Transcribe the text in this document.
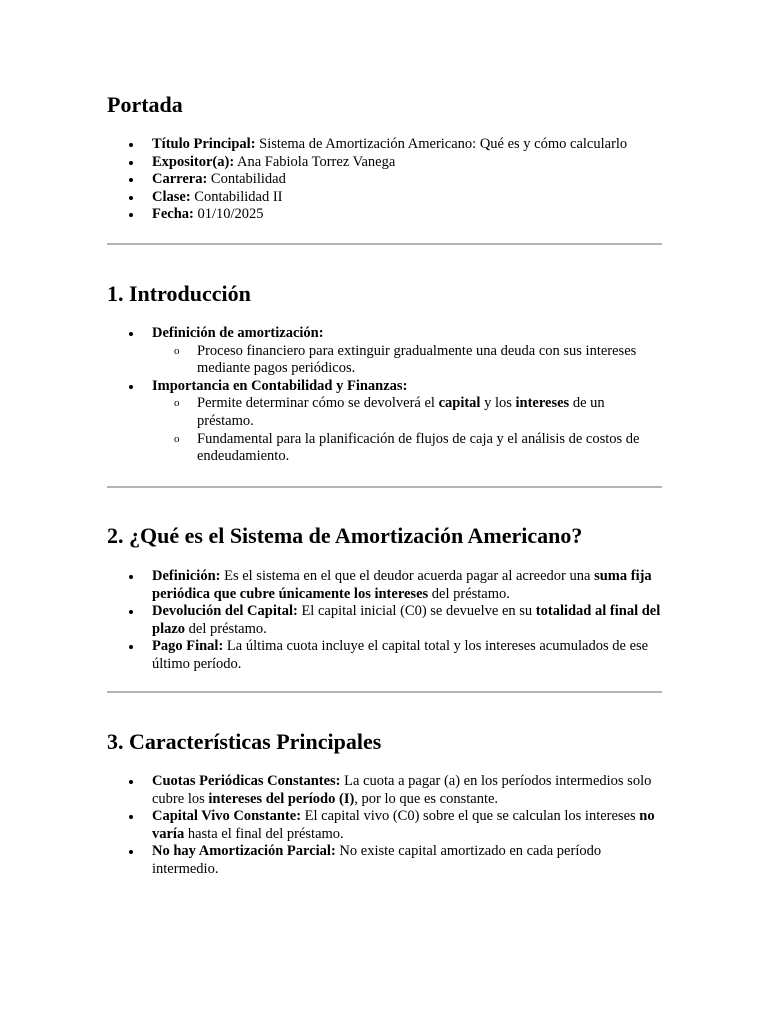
Portada
Título Principal: Sistema de Amortización Americano: Qué es y cómo calcularlo
Expositor(a): Ana Fabiola Torrez Vanega
Carrera: Contabilidad
Clase: Contabilidad II
Fecha: 01/10/2025
1. Introducción
Definición de amortización:
o Proceso financiero para extinguir gradualmente una deuda con sus intereses mediante pagos periódicos.
Importancia en Contabilidad y Finanzas:
o Permite determinar cómo se devolverá el capital y los intereses de un préstamo.
o Fundamental para la planificación de flujos de caja y el análisis de costos de endeudamiento.
2. ¿Qué es el Sistema de Amortización Americano?
Definición: Es el sistema en el que el deudor acuerda pagar al acreedor una suma fija periódica que cubre únicamente los intereses del préstamo.
Devolución del Capital: El capital inicial (C0) se devuelve en su totalidad al final del plazo del préstamo.
Pago Final: La última cuota incluye el capital total y los intereses acumulados de ese último período.
3. Características Principales
Cuotas Periódicas Constantes: La cuota a pagar (a) en los períodos intermedios solo cubre los intereses del período (I), por lo que es constante.
Capital Vivo Constante: El capital vivo (C0) sobre el que se calculan los intereses no varía hasta el final del préstamo.
No hay Amortización Parcial: No existe capital amortizado en cada período intermedio.
